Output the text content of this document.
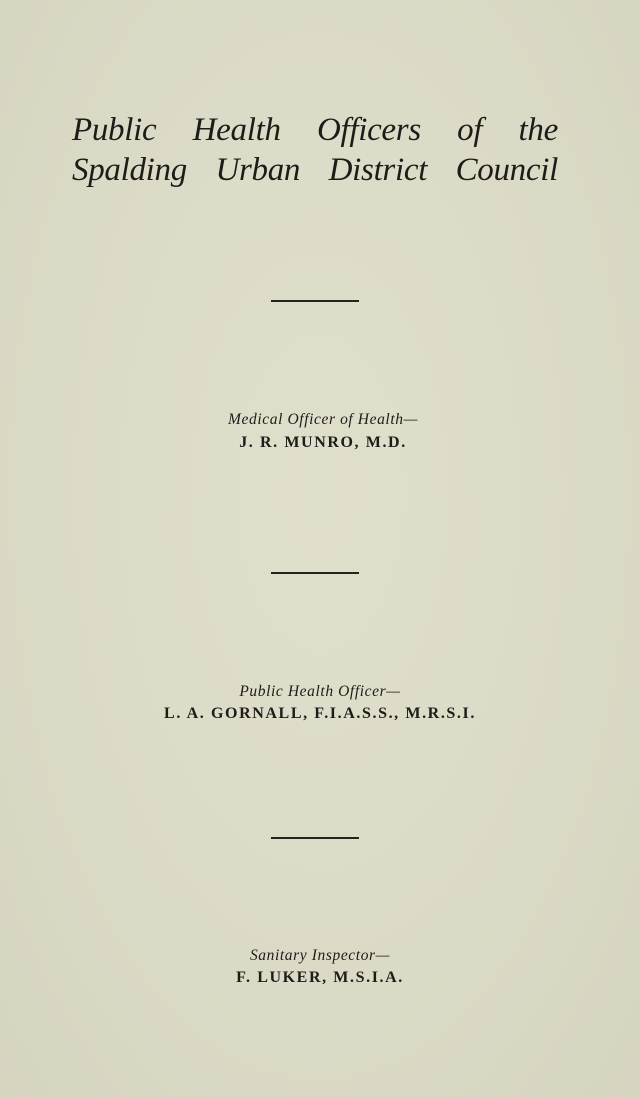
Public Health Officers of the
Spalding Urban District Council
Medical Officer of Health—
J. R. MUNRO, M.D.
Public Health Officer—
L. A. GORNALL, F.I.A.S.S., M.R.S.I.
Sanitary Inspector—
F. LUKER, M.S.I.A.
